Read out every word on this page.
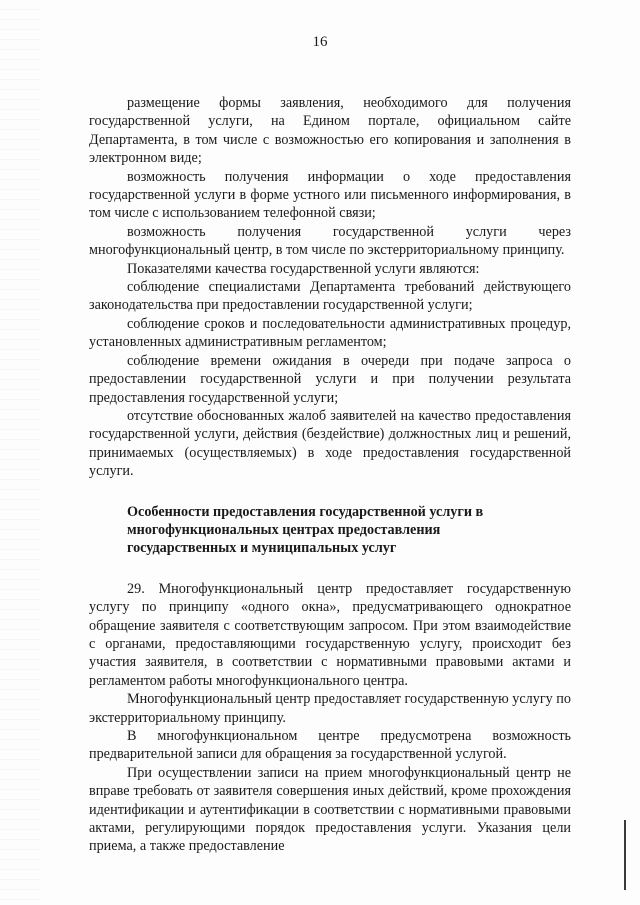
16

размещение формы заявления, необходимого для получения государственной услуги, на Едином портале, официальном сайте Департамента, в том числе с возможностью его копирования и заполнения в электронном виде;

возможность получения информации о ходе предоставления государственной услуги в форме устного или письменного информирования, в том числе с использованием телефонной связи;

возможность получения государственной услуги через многофункциональный центр, в том числе по экстерриториальному принципу.

Показателями качества государственной услуги являются:

соблюдение специалистами Департамента требований действующего законодательства при предоставлении государственной услуги;

соблюдение сроков и последовательности административных процедур, установленных административным регламентом;

соблюдение времени ожидания в очереди при подаче запроса о предоставлении государственной услуги и при получении результата предоставления государственной услуги;

отсутствие обоснованных жалоб заявителей на качество предоставления государственной услуги, действия (бездействие) должностных лиц и решений, принимаемых (осуществляемых) в ходе предоставления государственной услуги.

Особенности предоставления государственной услуги в

многофункциональных центрах предоставления

государственных и муниципальных услуг

29. Многофункциональный центр предоставляет государственную услугу по принципу «одного окна», предусматривающего однократное обращение заявителя с соответствующим запросом. При этом взаимодействие с органами, предоставляющими государственную услугу, происходит без участия заявителя, в соответствии с нормативными правовыми актами и регламентом работы многофункционального центра.

Многофункциональный центр предоставляет государственную услугу по экстерриториальному принципу.

В многофункциональном центре предусмотрена возможность предварительной записи для обращения за государственной услугой.

При осуществлении записи на прием многофункциональный центр не вправе требовать от заявителя совершения иных действий, кроме прохождения идентификации и аутентификации в соответствии с нормативными правовыми актами, регулирующими порядок предоставления услуги. Указания цели приема, а также предоставление
